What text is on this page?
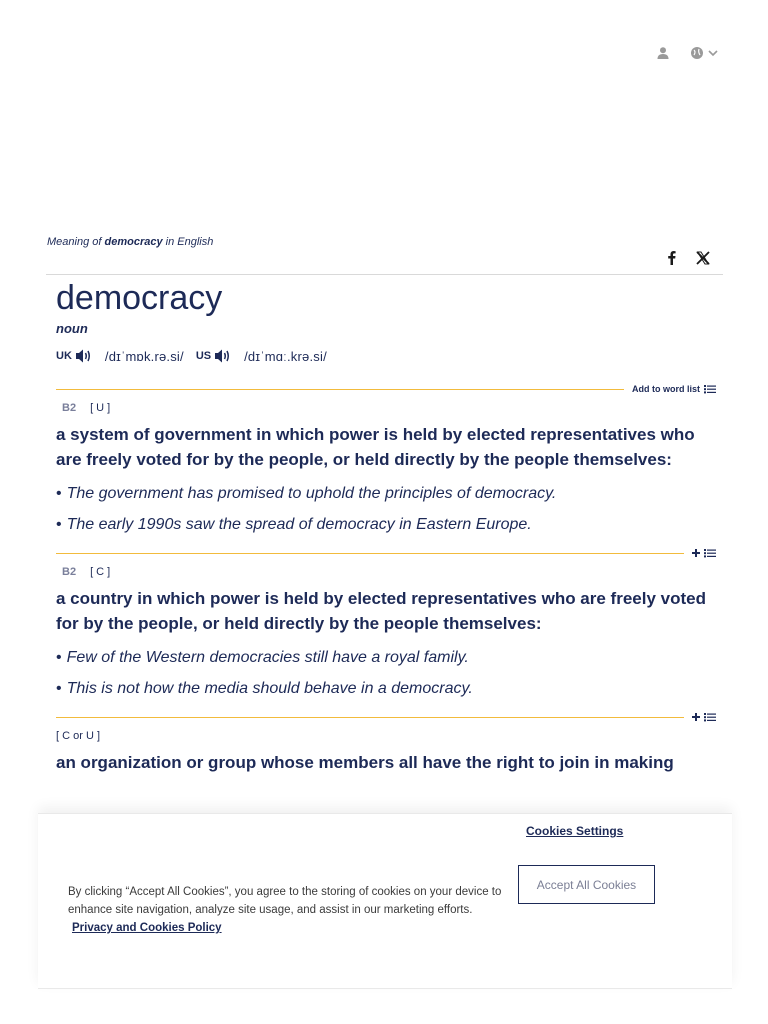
Meaning of democracy in English
democracy
noun
UK	/dɪˈmɒk.rə.si/ US	/dɪˈmɑː.krə.si/
Add to word list
B2 [ U ]
a system of government in which power is held by elected representatives who are freely voted for by the people, or held directly by the people themselves:
• The government has promised to uphold the principles of democracy.
• The early 1990s saw the spread of democracy in Eastern Europe.
B2 [ C ]
a country in which power is held by elected representatives who are freely voted for by the people, or held directly by the people themselves:
• Few of the Western democracies still have a royal family.
• This is not how the media should behave in a democracy.
[ C or U ]
an organization or group whose members all have the right to join in making
Cookies Settings
Accept All Cookies
By clicking “Accept All Cookies”, you agree to the storing of cookies on your device to enhance site navigation, analyze site usage, and assist in our marketing efforts. Privacy and Cookies Policy
